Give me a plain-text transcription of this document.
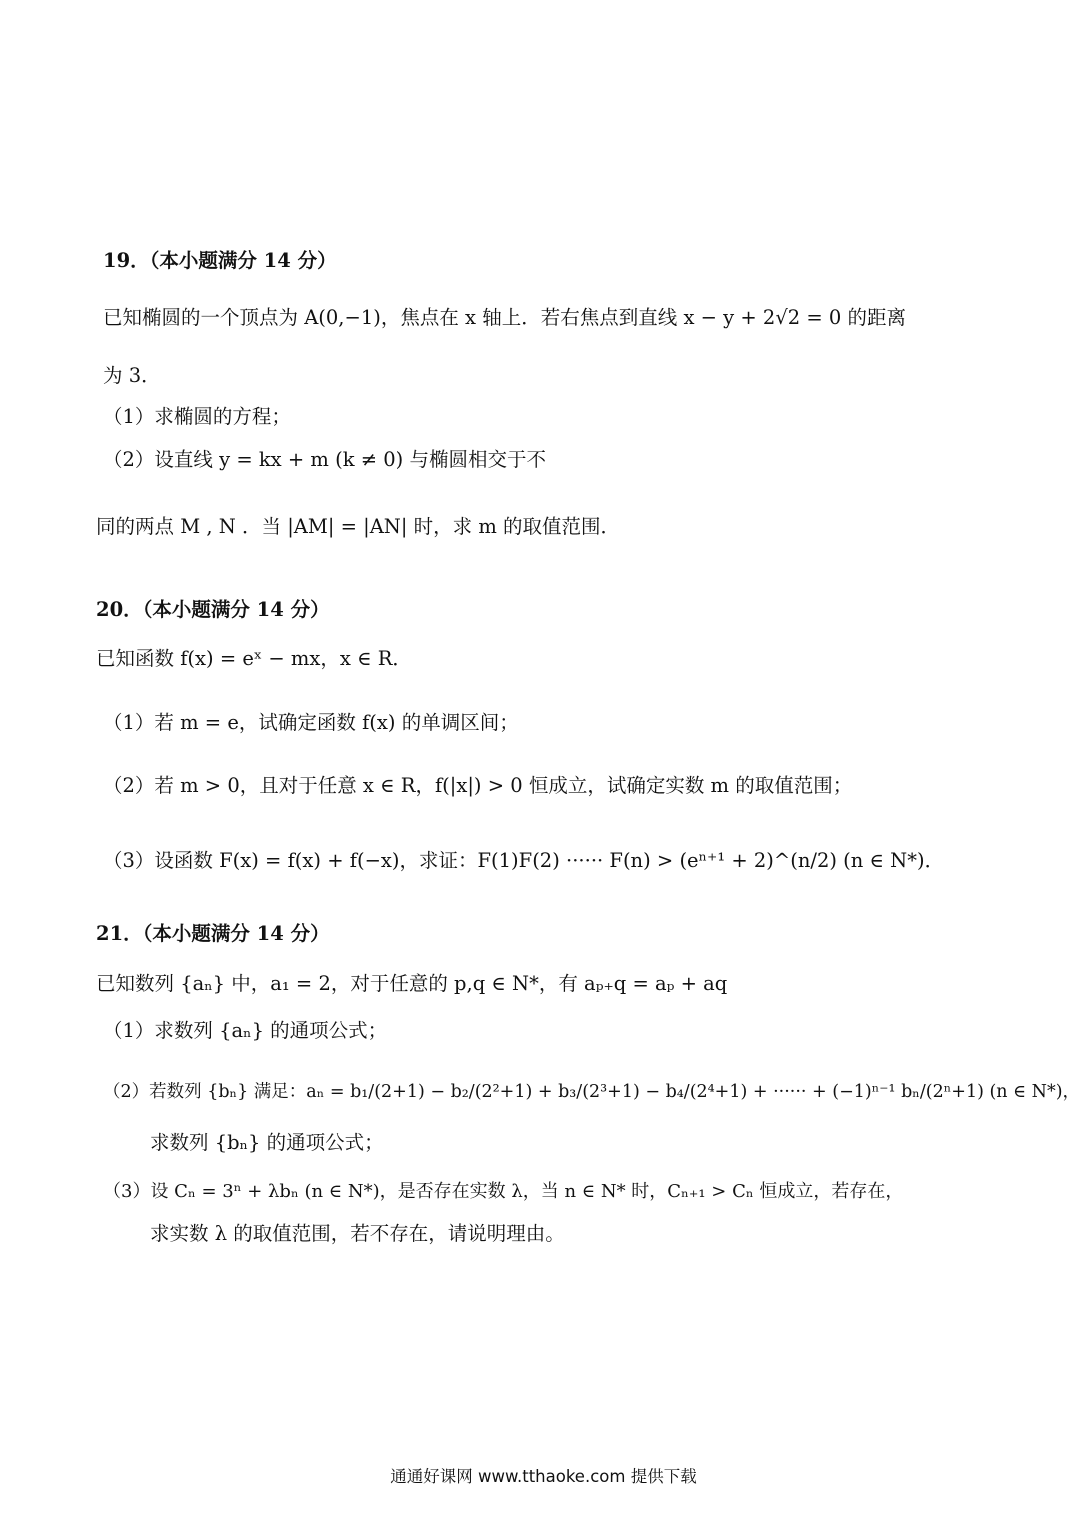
19．（本小题满分 14 分）
已知椭圆的一个顶点为 A(0,−1)，焦点在 x 轴上．若右焦点到直线 x − y + 2√2 = 0 的距离
为 3．
（1）求椭圆的方程；
（2）设直线 y = kx + m (k ≠ 0) 与椭圆相交于不
同的两点 M , N ．当 |AM| = |AN| 时，求 m 的取值范围．
20．（本小题满分 14 分）
已知函数 f(x) = eˣ − mx，x ∈ R．
（1）若 m = e，试确定函数 f(x) 的单调区间；
（2）若 m > 0，且对于任意 x ∈ R，f(|x|) > 0 恒成立，试确定实数 m 的取值范围；
（3）设函数 F(x) = f(x) + f(−x)，求证：F(1)F(2) ······ F(n) > (eⁿ⁺¹ + 2)^(n/2) (n ∈ N*)．
21．（本小题满分 14 分）
已知数列 {aₙ} 中，a₁ = 2，对于任意的 p,q ∈ N*，有 aₚ₊q = aₚ + aq
（1）求数列 {aₙ} 的通项公式；
（2）若数列 {bₙ} 满足：aₙ = b₁/(2+1) − b₂/(2²+1) + b₃/(2³+1) − b₄/(2⁴+1) + ······ + (−1)ⁿ⁻¹ bₙ/(2ⁿ+1) (n ∈ N*)，
求数列 {bₙ} 的通项公式；
（3）设 Cₙ = 3ⁿ + λbₙ (n ∈ N*)，是否存在实数 λ，当 n ∈ N* 时，Cₙ₊₁ > Cₙ 恒成立，若存在，
求实数 λ 的取值范围，若不存在，请说明理由。
通通好课网 www.tthaoke.com 提供下载
